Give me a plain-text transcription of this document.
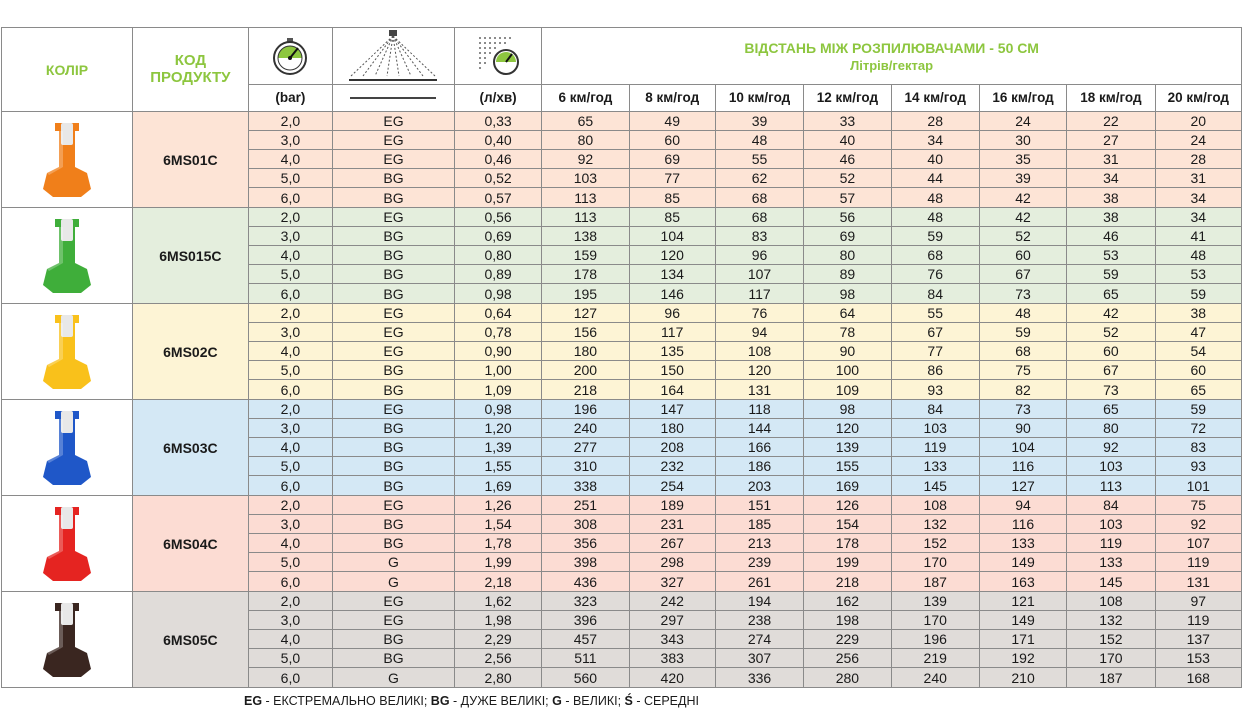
КОЛІР	КОД ПРОДУКТУ				ВІДСТАНЬ МІЖ РОЗПИЛЮВАЧАМИ - 50 СМ
Літрів/гектар							

		(bar)		(л/хв)	6 км/год	8 км/год	10 км/год	12 км/год	14 км/год	16 км/год	18 км/год	20 км/год

	6MS01C	2,0	EG	0,33	65	49	39	33	28	24	22	20
		3,0	EG	0,40	80	60	48	40	34	30	27	24
		4,0	EG	0,46	92	69	55	46	40	35	31	28
		5,0	BG	0,52	103	77	62	52	44	39	34	31
		6,0	BG	0,57	113	85	68	57	48	42	38	34

	6MS015C	2,0	EG	0,56	113	85	68	56	48	42	38	34
		3,0	BG	0,69	138	104	83	69	59	52	46	41
		4,0	BG	0,80	159	120	96	80	68	60	53	48
		5,0	BG	0,89	178	134	107	89	76	67	59	53
		6,0	BG	0,98	195	146	117	98	84	73	65	59

	6MS02C	2,0	EG	0,64	127	96	76	64	55	48	42	38
		3,0	EG	0,78	156	117	94	78	67	59	52	47
		4,0	EG	0,90	180	135	108	90	77	68	60	54
		5,0	BG	1,00	200	150	120	100	86	75	67	60
		6,0	BG	1,09	218	164	131	109	93	82	73	65

	6MS03C	2,0	EG	0,98	196	147	118	98	84	73	65	59
		3,0	BG	1,20	240	180	144	120	103	90	80	72
		4,0	BG	1,39	277	208	166	139	119	104	92	83
		5,0	BG	1,55	310	232	186	155	133	116	103	93
		6,0	BG	1,69	338	254	203	169	145	127	113	101

	6MS04C	2,0	EG	1,26	251	189	151	126	108	94	84	75
		3,0	BG	1,54	308	231	185	154	132	116	103	92
		4,0	BG	1,78	356	267	213	178	152	133	119	107
		5,0	G	1,99	398	298	239	199	170	149	133	119
		6,0	G	2,18	436	327	261	218	187	163	145	131

	6MS05C	2,0	EG	1,62	323	242	194	162	139	121	108	97
		3,0	EG	1,98	396	297	238	198	170	149	132	119
		4,0	BG	2,29	457	343	274	229	196	171	152	137
		5,0	BG	2,56	511	383	307	256	219	192	170	153
		6,0	G	2,80	560	420	336	280	240	210	187	168
EG - ЕКСТРЕМАЛЬНО ВЕЛИКІ; BG - ДУЖЕ ВЕЛИКІ; G - ВЕЛИКІ; Ś - СЕРЕДНІ
